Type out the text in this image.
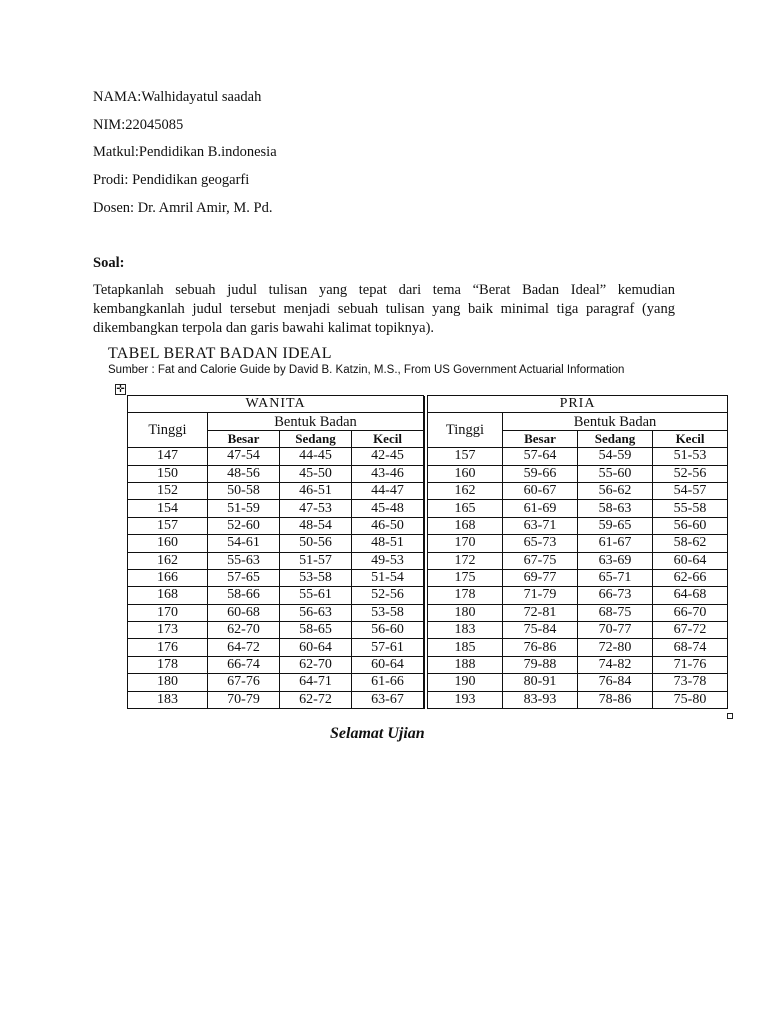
NAMA:Walhidayatul saadah
NIM:22045085
Matkul:Pendidikan B.indonesia
Prodi: Pendidikan geogarfi
Dosen: Dr. Amril Amir, M. Pd.
Soal:
Tetapkanlah sebuah judul tulisan yang tepat dari tema “Berat Badan Ideal” kemudian
kembangkanlah judul tersebut menjadi sebuah tulisan yang baik minimal tiga paragraf (yang
dikembangkan terpola dan garis bawahi kalimat topiknya).
TABEL BERAT BADAN IDEAL
Sumber : Fat and Calorie Guide by David B. Katzin, M.S., From US Government Actuarial Information
✛
WANITA			
Tinggi	Bentuk Badan		
	Besar	Sedang	Kecil
147	47-54	44-45	42-45
150	48-56	45-50	43-46
152	50-58	46-51	44-47
154	51-59	47-53	45-48
157	52-60	48-54	46-50
160	54-61	50-56	48-51
162	55-63	51-57	49-53
166	57-65	53-58	51-54
168	58-66	55-61	52-56
170	60-68	56-63	53-58
173	62-70	58-65	56-60
176	64-72	60-64	57-61
178	66-74	62-70	60-64
180	67-76	64-71	61-66
183	70-79	62-72	63-67
	PRIA			
	Tinggi	Bentuk Badan		
		Besar	Sedang	Kecil
	157	57-64	54-59	51-53
	160	59-66	55-60	52-56
	162	60-67	56-62	54-57
	165	61-69	58-63	55-58
	168	63-71	59-65	56-60
	170	65-73	61-67	58-62
	172	67-75	63-69	60-64
	175	69-77	65-71	62-66
	178	71-79	66-73	64-68
	180	72-81	68-75	66-70
	183	75-84	70-77	67-72
	185	76-86	72-80	68-74
	188	79-88	74-82	71-76
	190	80-91	76-84	73-78
	193	83-93	78-86	75-80
Selamat Ujian
